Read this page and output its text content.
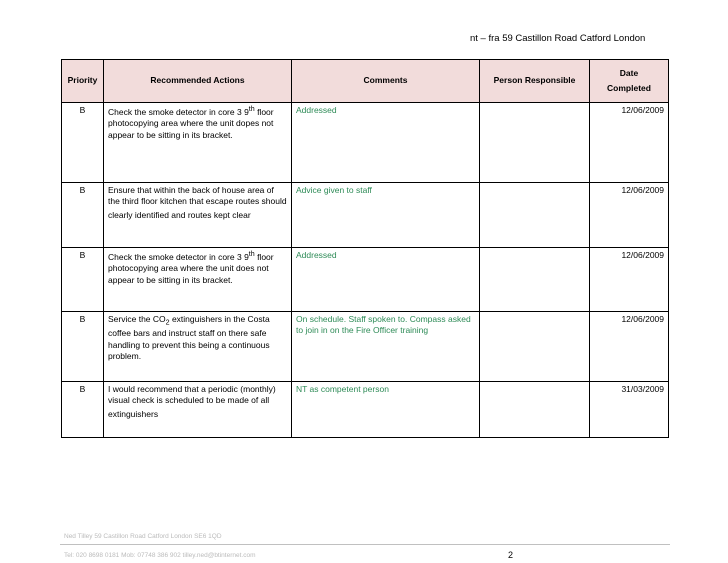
nt – fra 59 Castillon Road Catford London
Priority	Recommended Actions	Comments	Person Responsible	Date
Completed

B	Check the smoke detector in core 3 9th floor photocopying area where the unit dopes not appear to be sitting in its bracket.	Addressed		12/06/2009
B	Ensure that within the back of house area of the third floor kitchen that escape routes should clearly identified and routes kept clear	Advice given to staff		12/06/2009
B	Check the smoke detector in core 3 9th floor photocopying area where the unit does not appear to be sitting in its bracket.	Addressed		12/06/2009
B	Service the $CO_2$ extinguishers in the Costa coffee bars and instruct staff on there safe handling to prevent this being a continuous problem.	On schedule. Staff spoken to. Compass asked to join in on the Fire Officer training		12/06/2009
B	I would recommend that a periodic (monthly) visual check is scheduled to be made of all extinguishers	NT as competent person		31/03/2009
Ned Tilley 59 Castillon Road Catford London SE6 1QD
Tel: 020 8698 0181 Mob: 07748 386 902 tilley.ned@btinternet.com	2
